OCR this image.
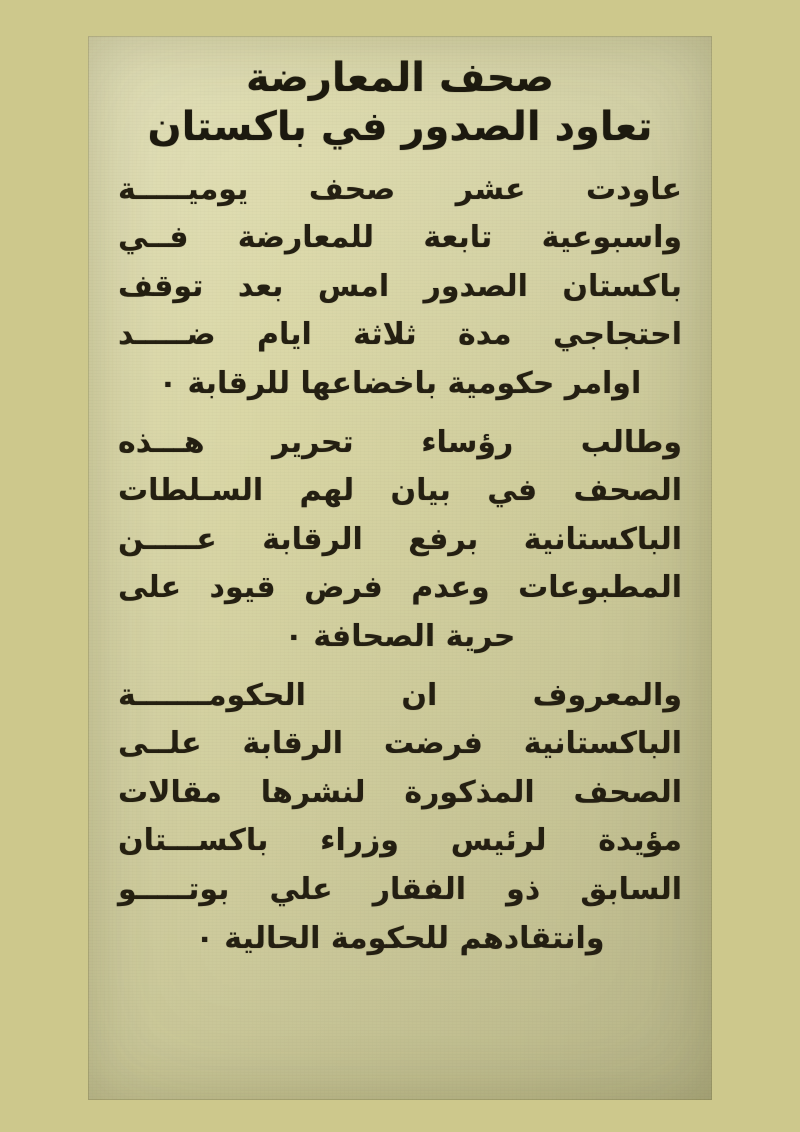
صحف المعارضة
تعاود الصدور في باكستان

عاودت عشر صحف يوميـــــة
واسبوعية تابعة للمعارضة فــي
باكستان الصدور امس بعد توقف
احتجاجي مدة ثلاثة ايام ضـــــد
اوامر حكومية باخضاعها للرقابة ٠

وطالب رؤساء تحرير هـــذه
الصحف في بيان لهم السـلطات
الباكستانية برفع الرقابة عـــــن
المطبوعات وعدم فرض قيود على
حرية الصحافة ٠

والمعروف ان الحكومـــــــة
الباكستانية فرضت الرقابة علــى
الصحف المذكورة لنشرها مقالات
مؤيدة لرئيس وزراء باكســـتان
السابق ذو الفقار علي بوتـــــو
وانتقادهم للحكومة الحالية ٠
